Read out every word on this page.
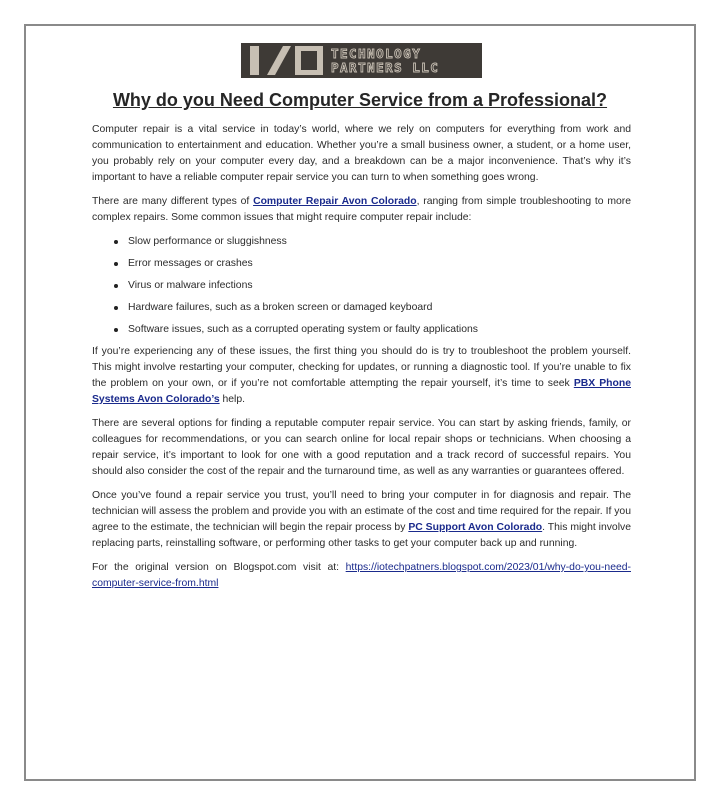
TECHNOLOGY
PARTNERS LLC
Why do you Need Computer Service from a Professional?

Computer repair is a vital service in today’s world, where we rely on computers for everything from work and communication to entertainment and education. Whether you’re a small business owner, a student, or a home user, you probably rely on your computer every day, and a breakdown can be a major inconvenience. That’s why it’s important to have a reliable computer repair service you can turn to when something goes wrong.

There are many different types of Computer Repair Avon Colorado, ranging from simple troubleshooting to more complex repairs. Some common issues that might require computer repair include:

Slow performance or sluggishness
Error messages or crashes
Virus or malware infections
Hardware failures, such as a broken screen or damaged keyboard
Software issues, such as a corrupted operating system or faulty applications

If you’re experiencing any of these issues, the first thing you should do is try to troubleshoot the problem yourself. This might involve restarting your computer, checking for updates, or running a diagnostic tool. If you’re unable to fix the problem on your own, or if you’re not comfortable attempting the repair yourself, it’s time to seek PBX Phone Systems Avon Colorado’s help.

There are several options for finding a reputable computer repair service. You can start by asking friends, family, or colleagues for recommendations, or you can search online for local repair shops or technicians. When choosing a repair service, it’s important to look for one with a good reputation and a track record of successful repairs. You should also consider the cost of the repair and the turnaround time, as well as any warranties or guarantees offered.

Once you’ve found a repair service you trust, you’ll need to bring your computer in for diagnosis and repair. The technician will assess the problem and provide you with an estimate of the cost and time required for the repair. If you agree to the estimate, the technician will begin the repair process by PC Support Avon Colorado. This might involve replacing parts, reinstalling software, or performing other tasks to get your computer back up and running.

For the original version on Blogspot.com visit at: https://iotechpatners.blogspot.com/2023/01/why-do-you-need-computer-service-from.html
